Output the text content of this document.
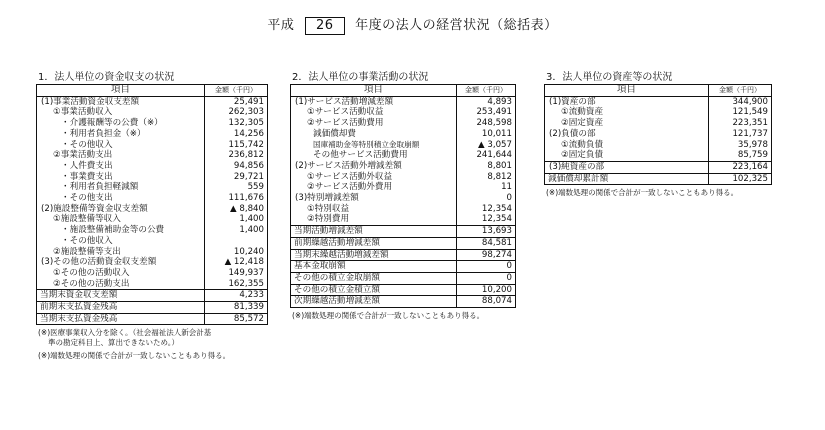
平成 26 年度の法人の経営状況（総括表）
1．法人単位の資金収支の状況
項目	金額（千円）
(1)事業活動資金収支差額	25,491
①事業活動収入	262,303
・介護報酬等の公費（※）	132,305
・利用者負担金（※）	14,256
・その他収入	115,742
②事業活動支出	236,812
・人件費支出	94,856
・事業費支出	29,721
・利用者負担軽減額	559
・その他支出	111,676
(2)施設整備等資金収支差額	▲ 8,840
①施設整備等収入	1,400
・施設整備補助金等の公費	1,400
・その他収入	
②施設整備等支出	10,240
(3)その他の活動資金収支差額	▲ 12,418
①その他の活動収入	149,937
②その他の活動支出	162,355
当期末資金収支差額	4,233
前期末支払資金残高	81,339
当期末支払資金残高	85,572
(※)医療事業収入分を除く。（社会福祉法人新会計基
準の勘定科目上、算出できないため。）
(※)端数処理の関係で合計が一致しないこともあり得る。
2．法人単位の事業活動の状況
項目	金額（千円）
(1)サービス活動増減差額	4,893
①サービス活動収益	253,491
②サービス活動費用	248,598
減価償却費	10,011
国庫補助金等特別積立金取崩額	▲ 3,057
その他サービス活動費用	241,644
(2)サービス活動外増減差額	8,801
①サービス活動外収益	8,812
②サービス活動外費用	11
(3)特別増減差額	0
①特別収益	12,354
②特別費用	12,354
当期活動増減差額	13,693
前期繰越活動増減差額	84,581
当期末繰越活動増減差額	98,274
基本金取崩額	0
その他の積立金取崩額	0
その他の積立金積立額	10,200
次期繰越活動増減差額	88,074
(※)端数処理の関係で合計が一致しないこともあり得る。
3．法人単位の資産等の状況
項目	金額（千円）
(1)資産の部	344,900
①流動資産	121,549
②固定資産	223,351
(2)負債の部	121,737
①流動負債	35,978
②固定負債	85,759
(3)純資産の部	223,164
減価償却累計額	102,325
(※)端数処理の関係で合計が一致しないこともあり得る。
